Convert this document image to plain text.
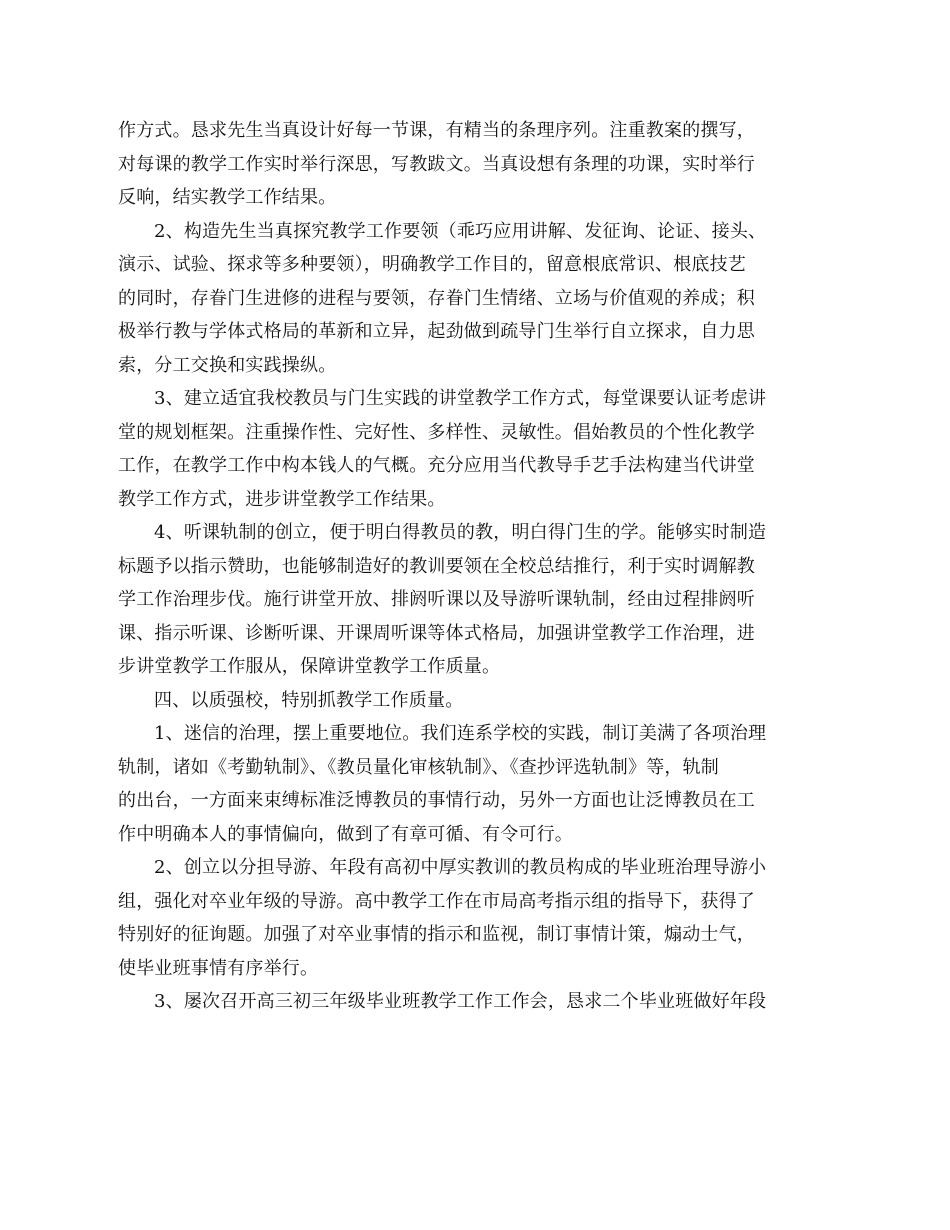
作方式。恳求先生当真设计好每一节课，有精当的条理序列。注重教案的撰写，
对每课的教学工作实时举行深思，写教跋文。当真设想有条理的功课，实时举行
反响，结实教学工作结果。
2、构造先生当真探究教学工作要领（乖巧应用讲解、发征询、论证、接头、
演示、试验、探求等多种要领），明确教学工作目的，留意根底常识、根底技艺
的同时，存眷门生进修的进程与要领，存眷门生情绪、立场与价值观的养成；积
极举行教与学体式格局的革新和立异，起劲做到疏导门生举行自立探求，自力思
索，分工交换和实践操纵。
3、建立适宜我校教员与门生实践的讲堂教学工作方式，每堂课要认证考虑讲
堂的规划框架。注重操作性、完好性、多样性、灵敏性。倡始教员的个性化教学
工作，在教学工作中构本钱人的气概。充分应用当代教导手艺手法构建当代讲堂
教学工作方式，进步讲堂教学工作结果。
4、听课轨制的创立，便于明白得教员的教，明白得门生的学。能够实时制造
标题予以指示赞助，也能够制造好的教训要领在全校总结推行，利于实时调解教
学工作治理步伐。施行讲堂开放、排阏听课以及导游听课轨制，经由过程排阏听
课、指示听课、诊断听课、开课周听课等体式格局，加强讲堂教学工作治理，进
步讲堂教学工作服从，保障讲堂教学工作质量。
四、以质强校，特别抓教学工作质量。
1、迷信的治理，摆上重要地位。我们连系学校的实践，制订美满了各项治理
轨制，诸如《考勤轨制》、《教员量化审核轨制》、《查抄评选轨制》等，轨制
的出台，一方面来束缚标准泛博教员的事情行动，另外一方面也让泛博教员在工
作中明确本人的事情偏向，做到了有章可循、有令可行。
2、创立以分担导游、年段有高初中厚实教训的教员构成的毕业班治理导游小
组，强化对卒业年级的导游。高中教学工作在市局高考指示组的指导下，获得了
特别好的征询题。加强了对卒业事情的指示和监视，制订事情计策，煽动士气，
使毕业班事情有序举行。
3、屡次召开高三初三年级毕业班教学工作工作会，恳求二个毕业班做好年段
